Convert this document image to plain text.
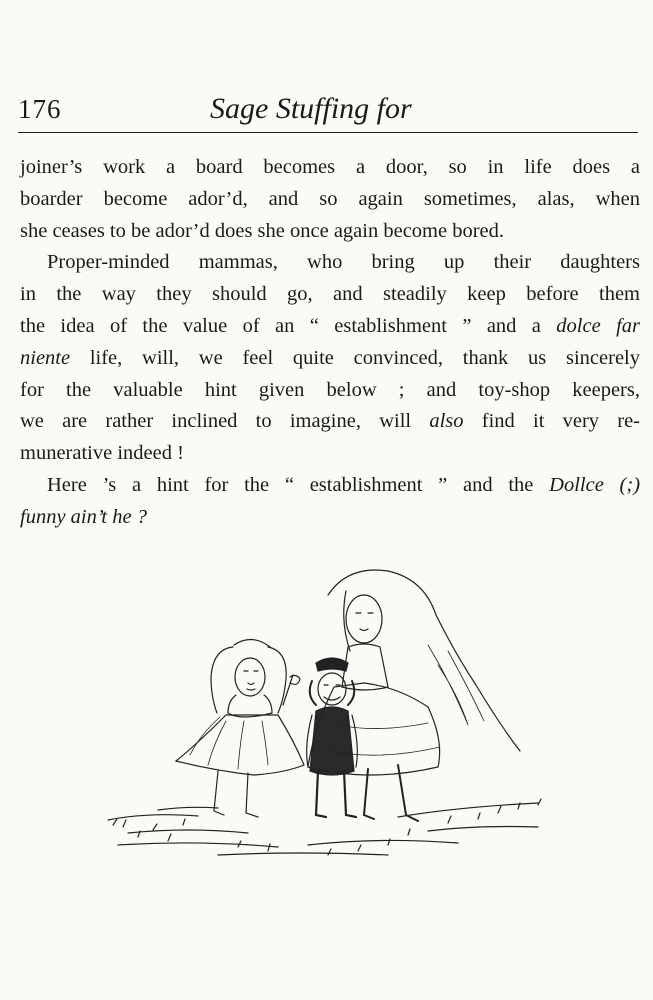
176	Sage Stuffing for
joiner’s work a board becomes a door, so in life does a
boarder become ador’d, and so again sometimes, alas, when
she ceases to be ador’d does she once again become bored.
Proper-minded mammas, who bring up their daughters
in the way they should go, and steadily keep before them
the idea of the value of an “ establishment ” and a dolce far
niente life, will, we feel quite convinced, thank us sincerely
for the valuable hint given below ; and toy-shop keepers,
we are rather inclined to imagine, will also find it very re-
munerative indeed !
Here ’s a hint for the “ establishment ” and the Dollce (;)
funny ain’t he ?
